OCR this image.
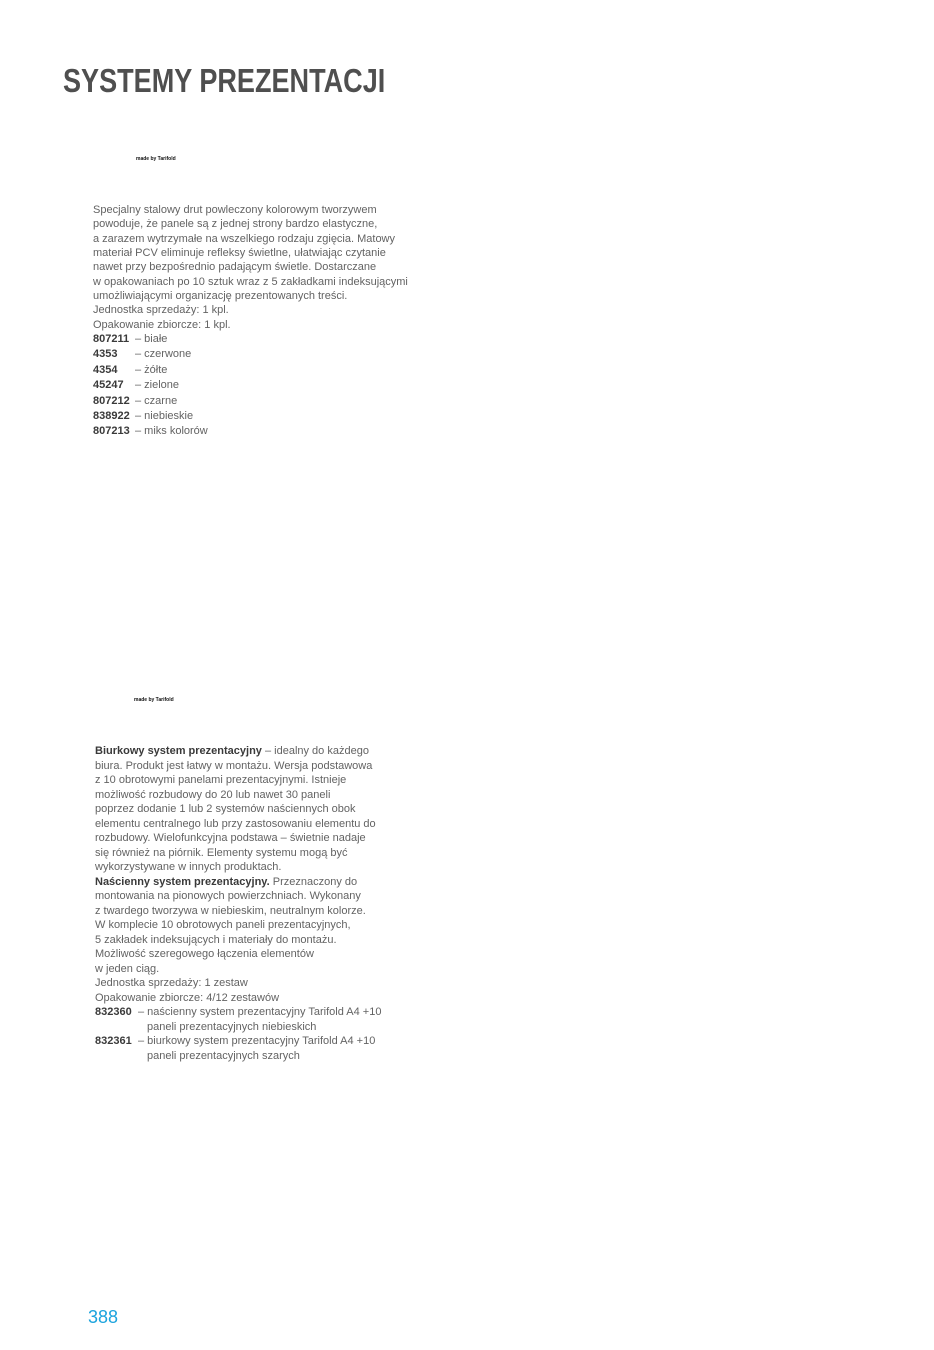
SYSTEMY PREZENTACJI
made by Tarifold
Specjalny stalowy drut powleczony kolorowym tworzywem
powoduje, że panele są z jednej strony bardzo elastyczne,
a zarazem wytrzymałe na wszelkiego rodzaju zgięcia. Matowy
materiał PCV eliminuje refleksy świetlne, ułatwiając czytanie
nawet przy bezpośrednio padającym świetle. Dostarczane
w opakowaniach po 10 sztuk wraz z 5 zakładkami indeksującymi
umożliwiającymi organizację prezentowanych treści.
Jednostka sprzedaży: 1 kpl.
Opakowanie zbiorcze: 1 kpl.
807211 – białe
4353 – czerwone
4354 – żółte
45247 – zielone
807212 – czarne
838922 – niebieskie
807213 – miks kolorów
made by Tarifold
Biurkowy system prezentacyjny – idealny do każdego
biura. Produkt jest łatwy w montażu. Wersja podstawowa
z 10 obrotowymi panelami prezentacyjnymi. Istnieje
możliwość rozbudowy do 20 lub nawet 30 paneli
poprzez dodanie 1 lub 2 systemów naściennych obok
elementu centralnego lub przy zastosowaniu elementu do
rozbudowy. Wielofunkcyjna podstawa – świetnie nadaje
się również na piórnik. Elementy systemu mogą być
wykorzystywane w innych produktach.
Naścienny system prezentacyjny. Przeznaczony do
montowania na pionowych powierzchniach. Wykonany
z twardego tworzywa w niebieskim, neutralnym kolorze.
W komplecie 10 obrotowych paneli prezentacyjnych,
5 zakładek indeksujących i materiały do montażu.
Możliwość szeregowego łączenia elementów
w jeden ciąg.
Jednostka sprzedaży: 1 zestaw
Opakowanie zbiorcze: 4/12 zestawów
832360 – naścienny system prezentacyjny Tarifold A4 +10
paneli prezentacyjnych niebieskich
832361 – biurkowy system prezentacyjny Tarifold A4 +10
paneli prezentacyjnych szarych
388
